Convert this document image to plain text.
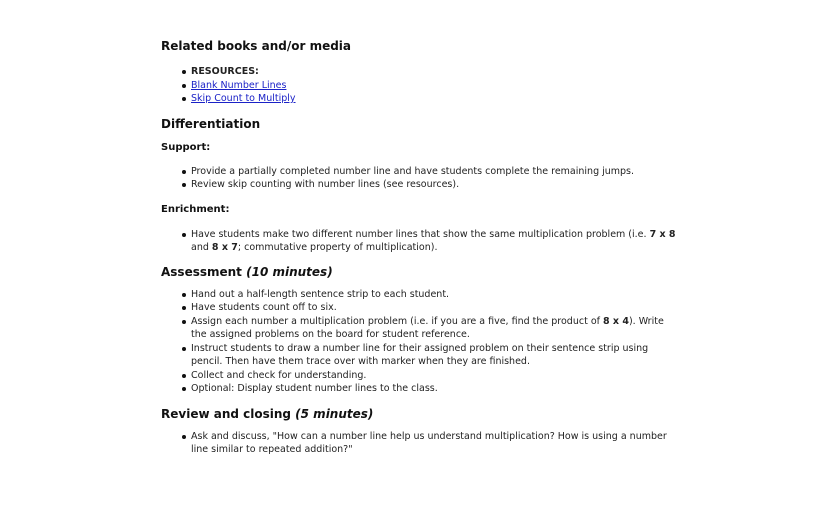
Related books and/or media
RESOURCES:
Blank Number Lines
Skip Count to Multiply
Differentiation
Support:
Provide a partially completed number line and have students complete the remaining jumps.
Review skip counting with number lines (see resources).
Enrichment:
Have students make two different number lines that show the same multiplication problem (i.e. 7 x 8 and 8 x 7; commutative property of multiplication).
Assessment (10 minutes)
Hand out a half-length sentence strip to each student.
Have students count off to six.
Assign each number a multiplication problem (i.e. if you are a five, find the product of 8 x 4). Write the assigned problems on the board for student reference.
Instruct students to draw a number line for their assigned problem on their sentence strip using pencil. Then have them trace over with marker when they are finished.
Collect and check for understanding.
Optional: Display student number lines to the class.
Review and closing (5 minutes)
Ask and discuss, "How can a number line help us understand multiplication? How is using a number line similar to repeated addition?"
